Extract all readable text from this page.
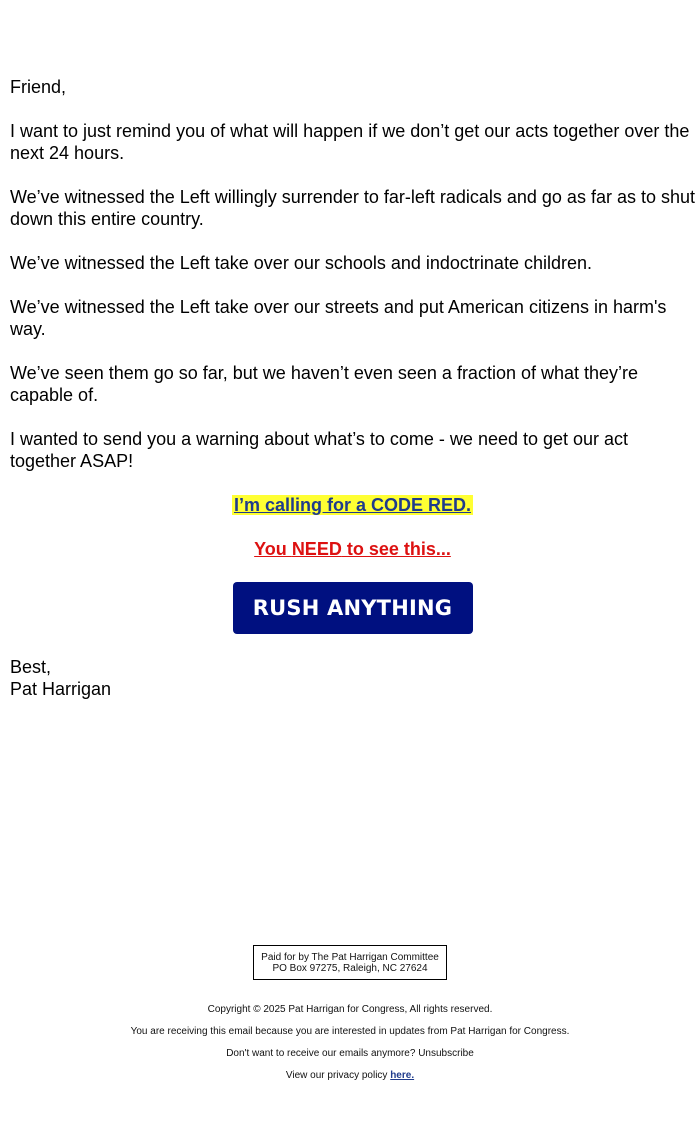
Friend,

I want to just remind you of what will happen if we don’t get our acts together over the next 24 hours.

We’ve witnessed the Left willingly surrender to far-left radicals and go as far as to shut down this entire country.

We’ve witnessed the Left take over our schools and indoctrinate children.

We’ve witnessed the Left take over our streets and put American citizens in harm's way.

We’ve seen them go so far, but we haven’t even seen a fraction of what they’re capable of.

I wanted to send you a warning about what’s to come - we need to get our act together ASAP!

I’m calling for a CODE RED.

You NEED to see this...

RUSH ANYTHING

Best,

Pat Harrigan

Paid for by The Pat Harrigan Committee
PO Box 97275, Raleigh, NC 27624

Copyright © 2025 Pat Harrigan for Congress, All rights reserved.

You are receiving this email because you are interested in updates from Pat Harrigan for Congress.

Don't want to receive our emails anymore? Unsubscribe

View our privacy policy here.
